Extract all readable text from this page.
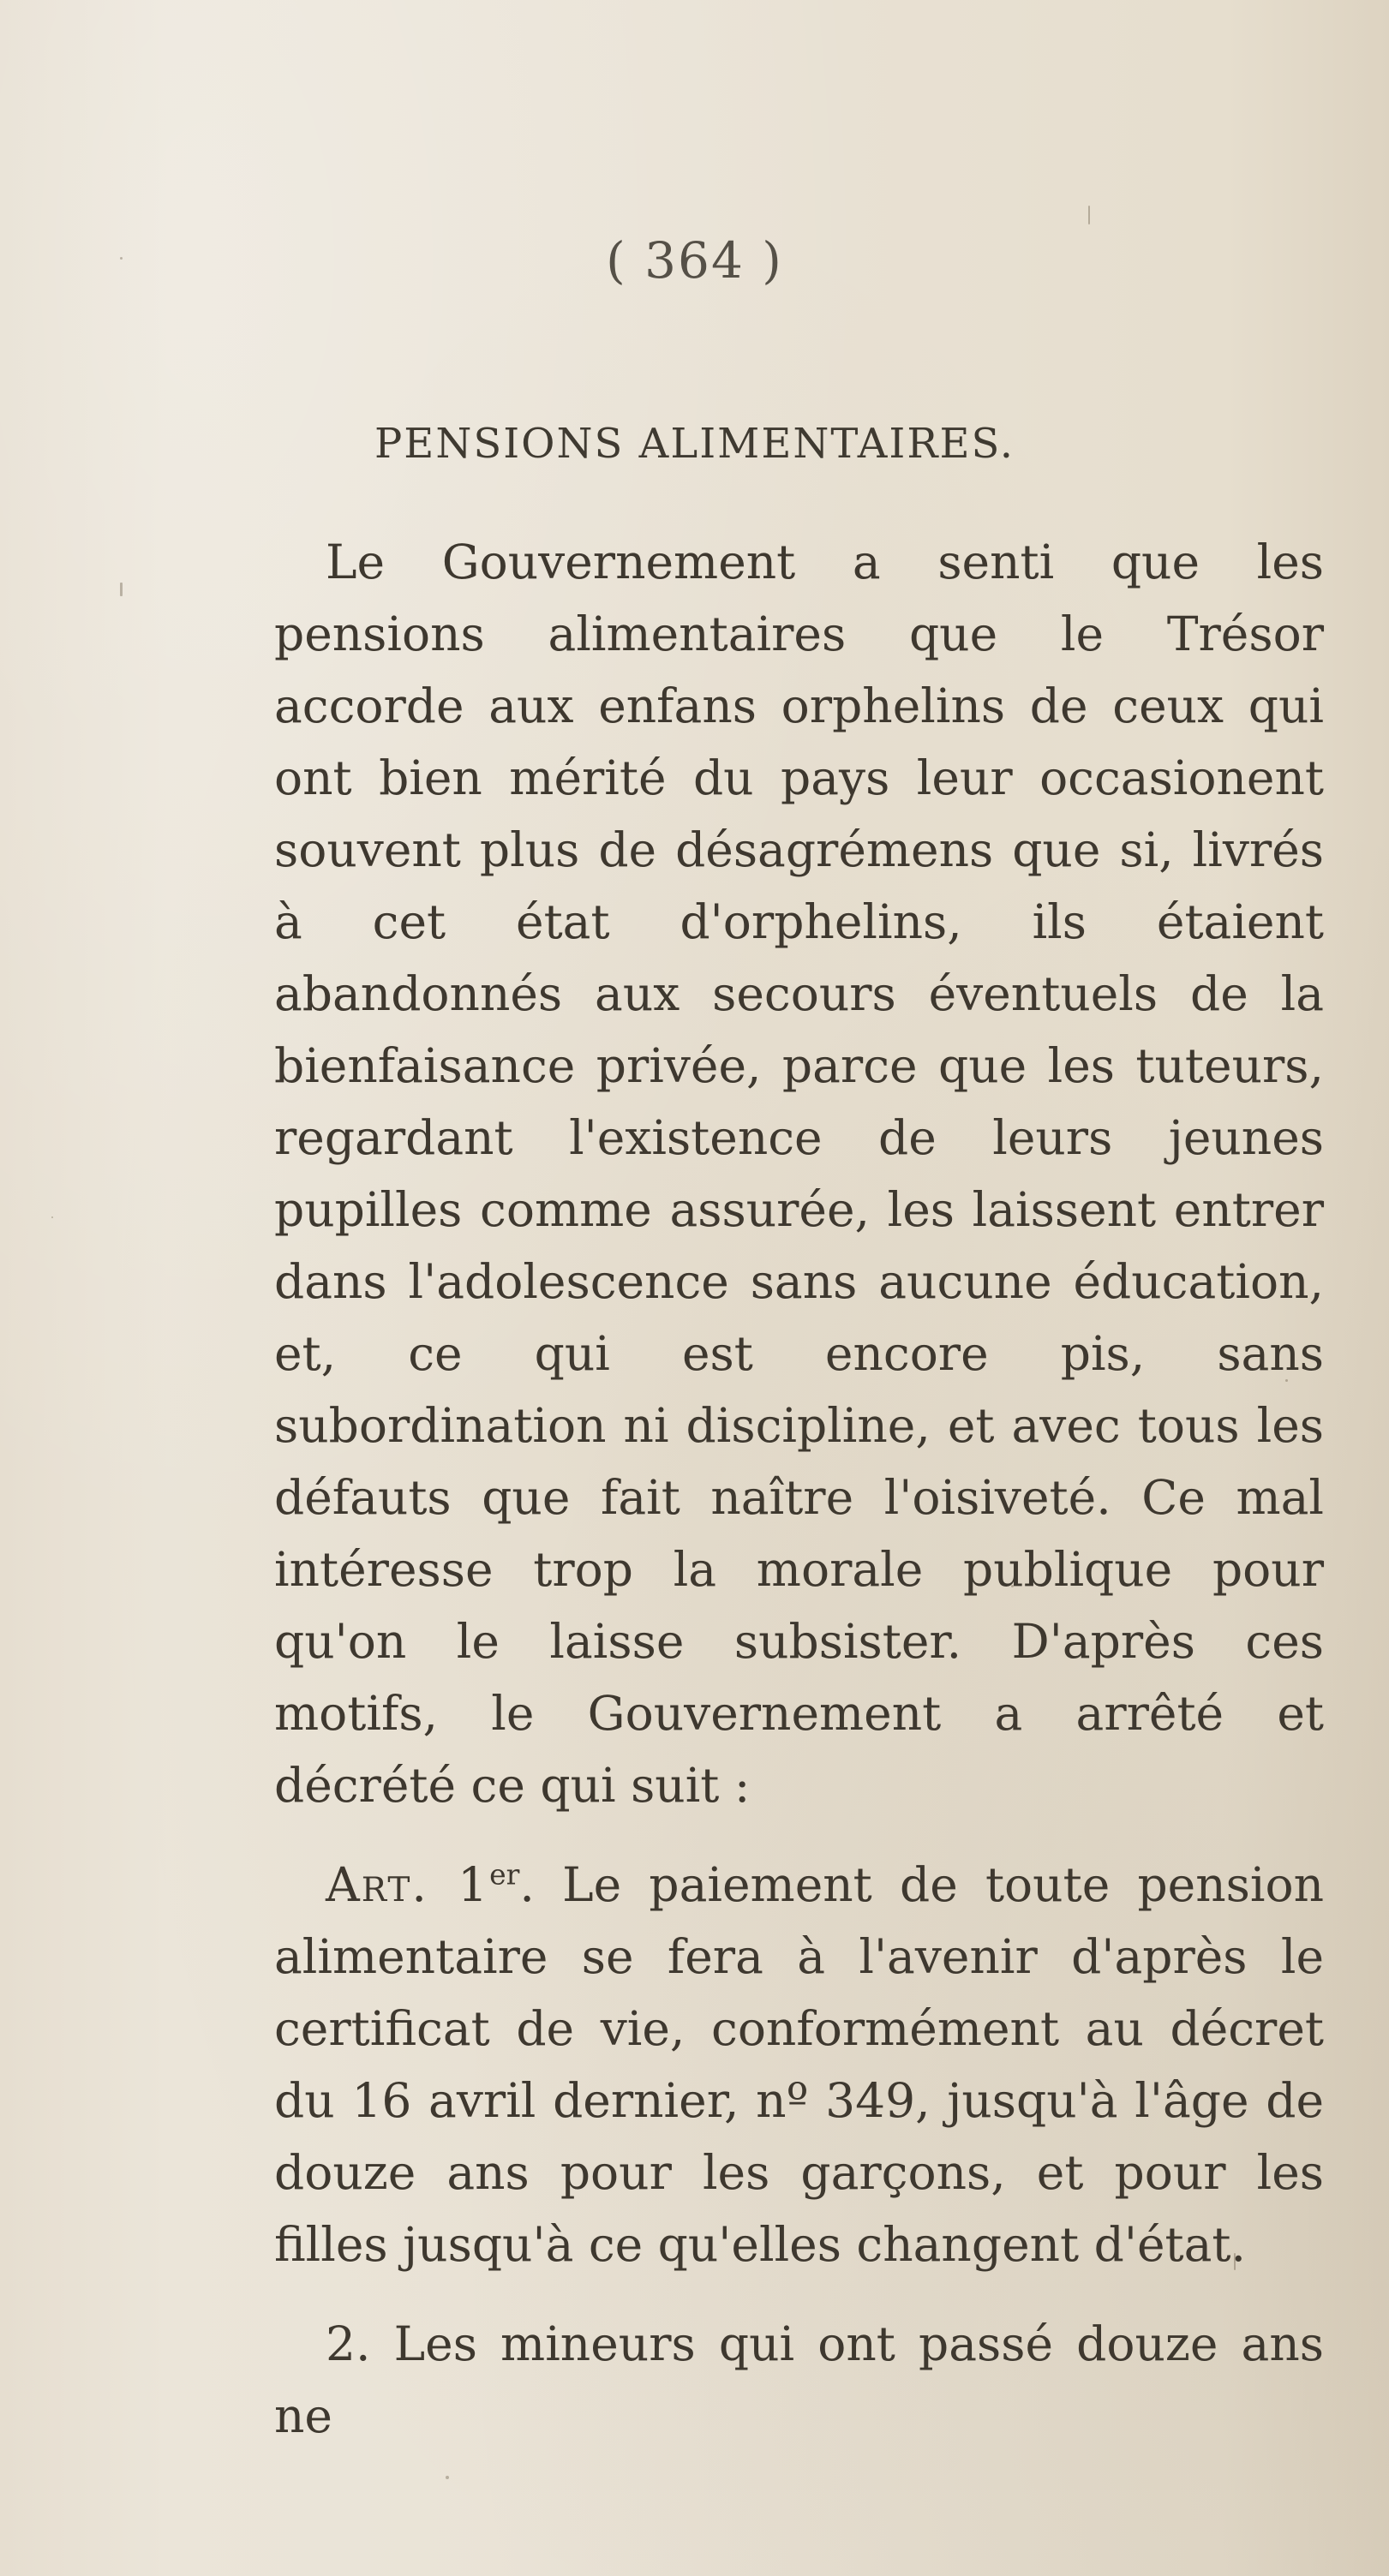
( 364 )
PENSIONS ALIMENTAIRES.

Le Gouvernement a senti que les pensions alimentaires que le Trésor accorde aux enfans orphelins de ceux qui ont bien mérité du pays leur occasionent souvent plus de désagrémens que si, livrés à cet état d'orphelins, ils étaient abandonnés aux secours éventuels de la bienfaisance privée, parce que les tuteurs, regardant l'existence de leurs jeunes pupilles comme assurée, les laissent entrer dans l'adolescence sans aucune éducation, et, ce qui est encore pis, sans subordination ni discipline, et avec tous les défauts que fait naître l'oisiveté. Ce mal intéresse trop la morale publique pour qu'on le laisse subsister. D'après ces motifs, le Gouvernement a arrêté et décrété ce qui suit :

Art. 1er. Le paiement de toute pension alimentaire se fera à l'avenir d'après le certificat de vie, conformément au décret du 16 avril dernier, nº 349, jusqu'à l'âge de douze ans pour les garçons, et pour les filles jusqu'à ce qu'elles changent d'état.

2. Les mineurs qui ont passé douze ans ne
